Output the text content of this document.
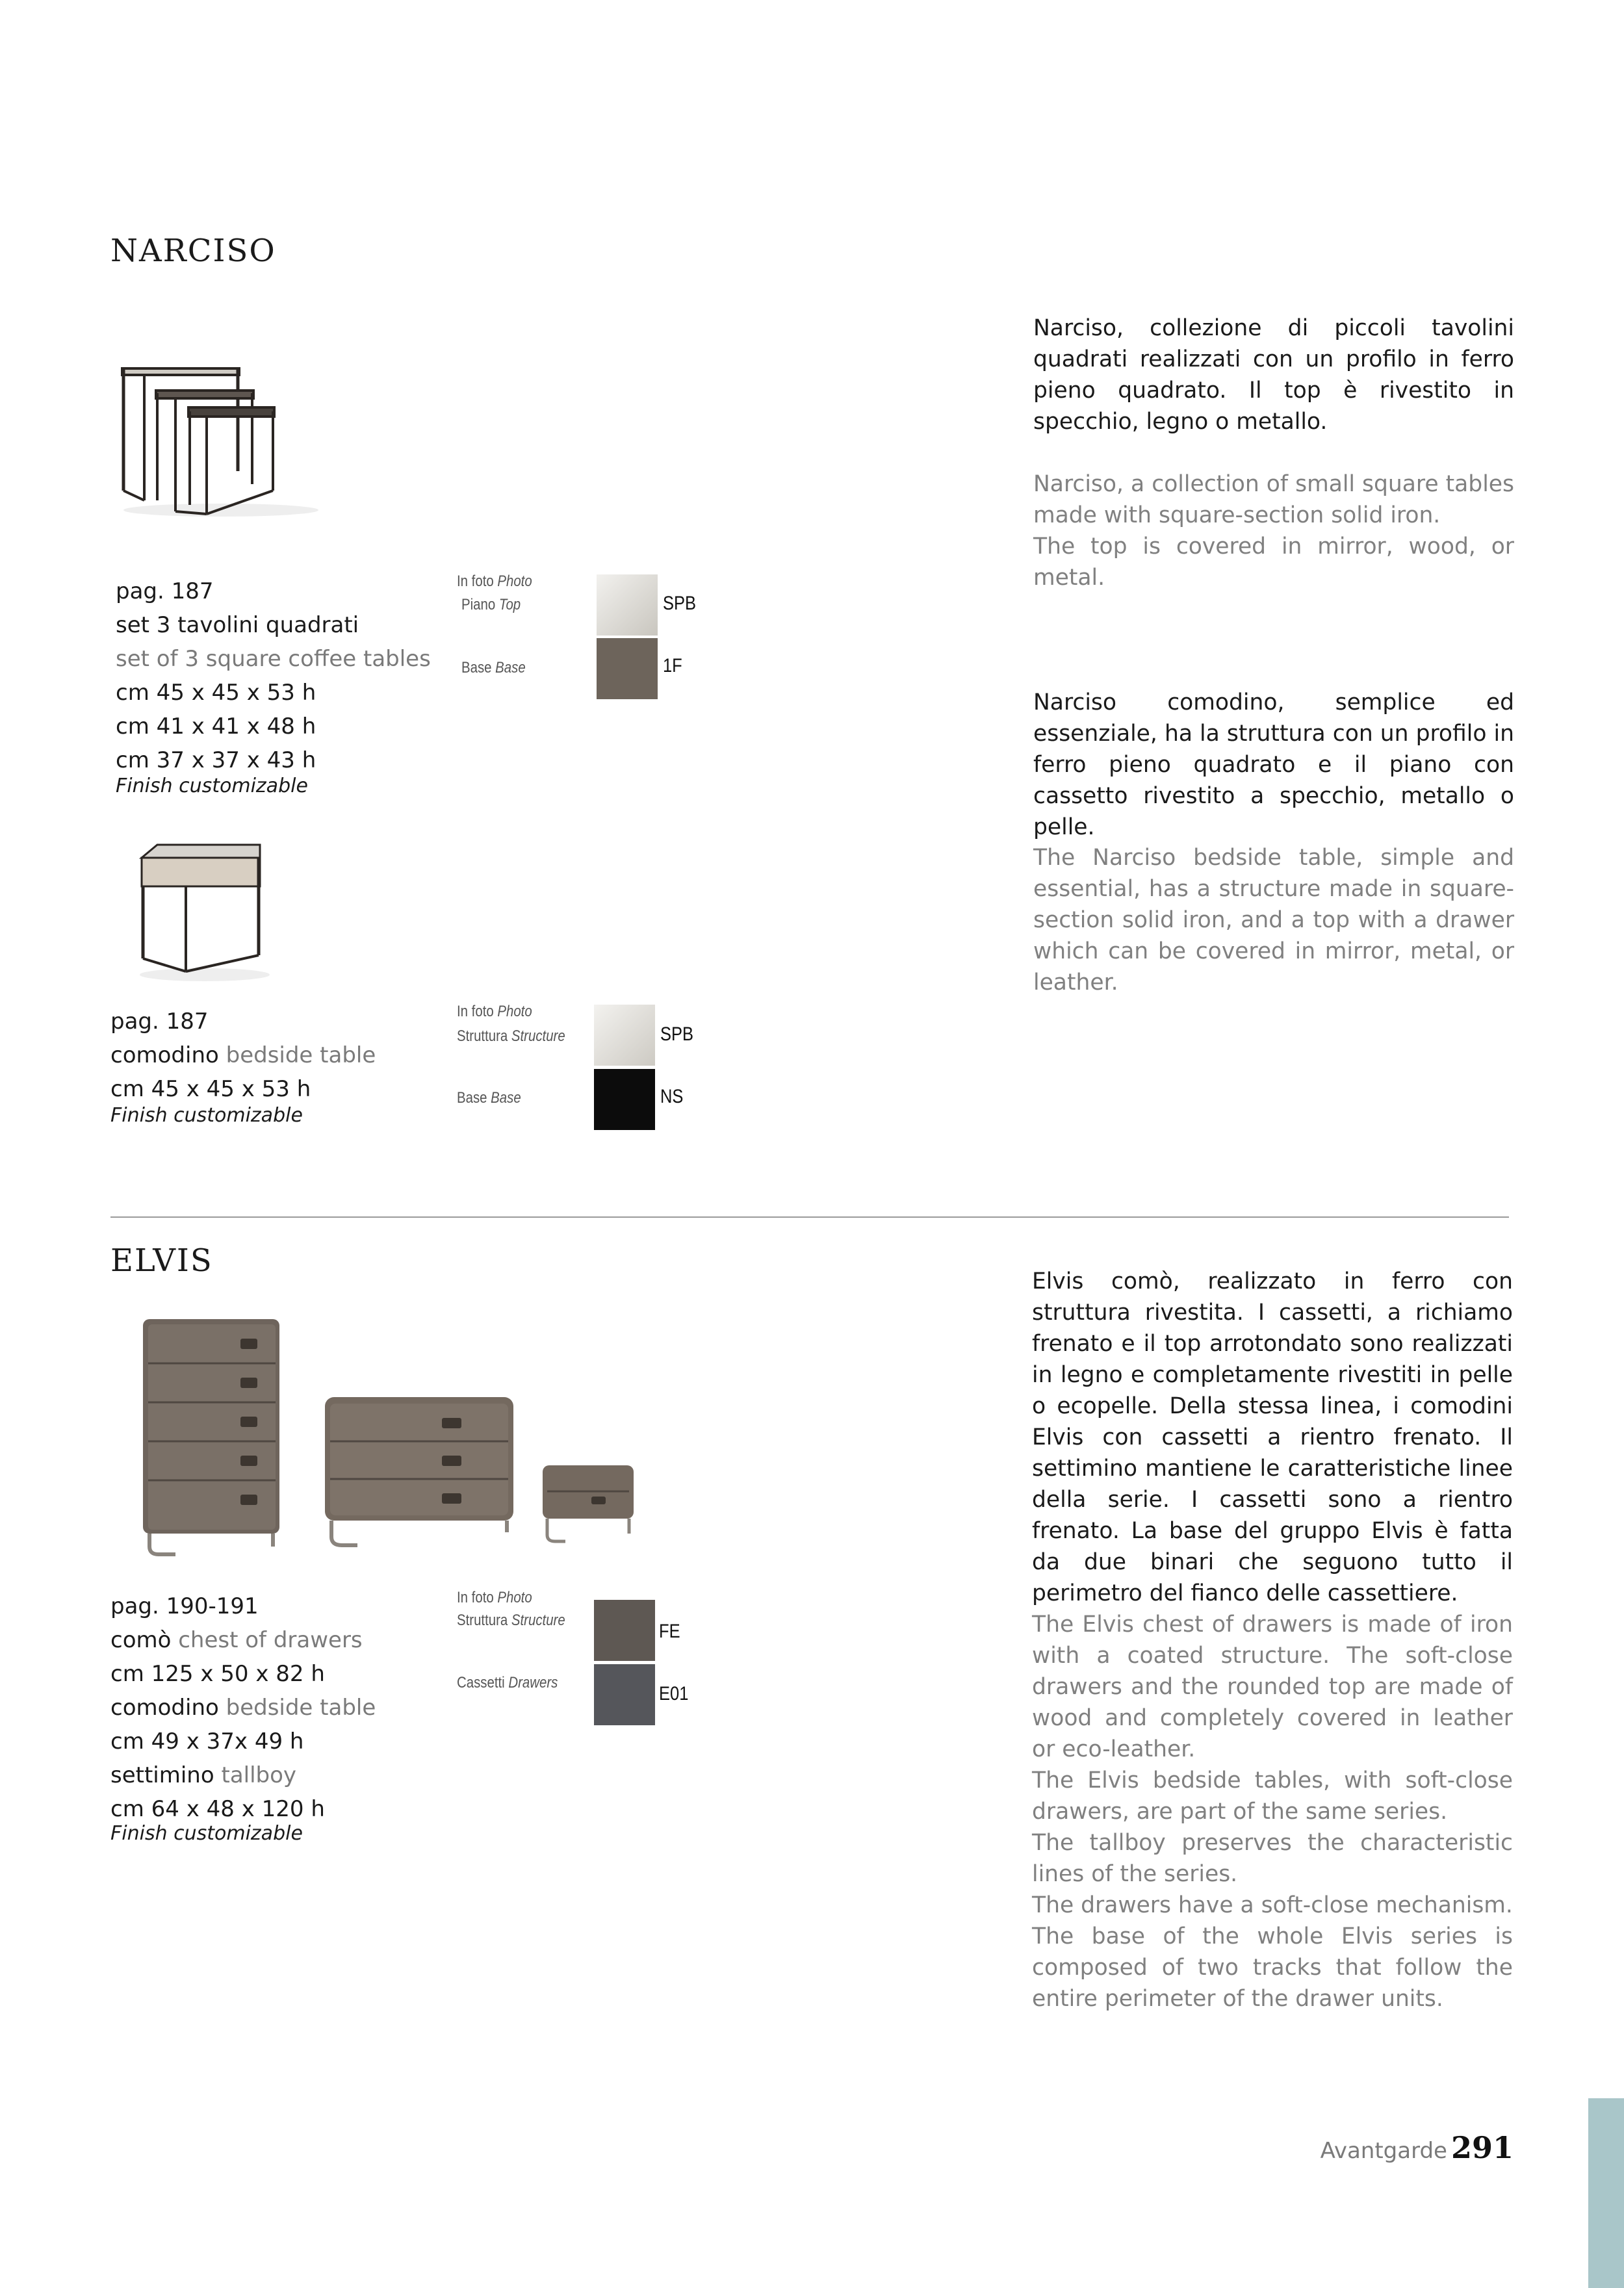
NARCISO
pag. 187
set 3 tavolini quadrati
set of 3 square coffee tables
cm 45 x 45 x 53 h
cm 41 x 41 x 48 h
cm 37 x 37 x 43 h
Finish customizable
In foto Photo
Piano Top
Base Base
SPB
1F
pag. 187
comodino bedside table
cm 45 x 45 x 53 h
Finish customizable
In foto Photo
Struttura Structure
Base Base
SPB
NS
Narciso, collezione di piccoli tavolini quadrati realizzati con un profilo in ferro pieno quadrato. Il top è rivestito in specchio, legno o metallo.

Narciso, a collection of small square tables made with square-section solid iron.

The top is covered in mirror, wood, or metal.

Narciso comodino, semplice ed essenziale, ha la struttura con un profilo in ferro pieno quadrato e il piano con cassetto rivestito a specchio, metallo o pelle.
The Narciso bedside table, simple and essential, has a structure made in square-section solid iron, and a top with a drawer which can be covered in mirror, metal, or leather.
ELVIS
pag. 190-191
comò chest of drawers
cm 125 x 50 x 82 h
comodino bedside table
cm 49 x 37x 49 h
settimino tallboy
cm 64 x 48 x 120 h
Finish customizable
In foto Photo
Struttura Structure
Cassetti Drawers
FE
E01
Elvis comò, realizzato in ferro con struttura rivestita. I cassetti, a richiamo frenato e il top arrotondato sono realizzati in legno e completamente rivestiti in pelle o ecopelle. Della stessa linea, i comodini Elvis con cassetti a rientro frenato. Il settimino mantiene le caratteristiche linee della serie. I cassetti sono a rientro frenato. La base del gruppo Elvis è fatta da due binari che seguono tutto il perimetro del fianco delle cassettiere.

The Elvis chest of drawers is made of iron with a coated structure. The soft-close drawers and the rounded top are made of wood and completely covered in leather or eco-leather.

The Elvis bedside tables, with soft-close drawers, are part of the same series.

The tallboy preserves the characteristic lines of the series.

The drawers have a soft-close mechanism.

The base of the whole Elvis series is composed of two tracks that follow the entire perimeter of the drawer units.

Avantgarde 291
